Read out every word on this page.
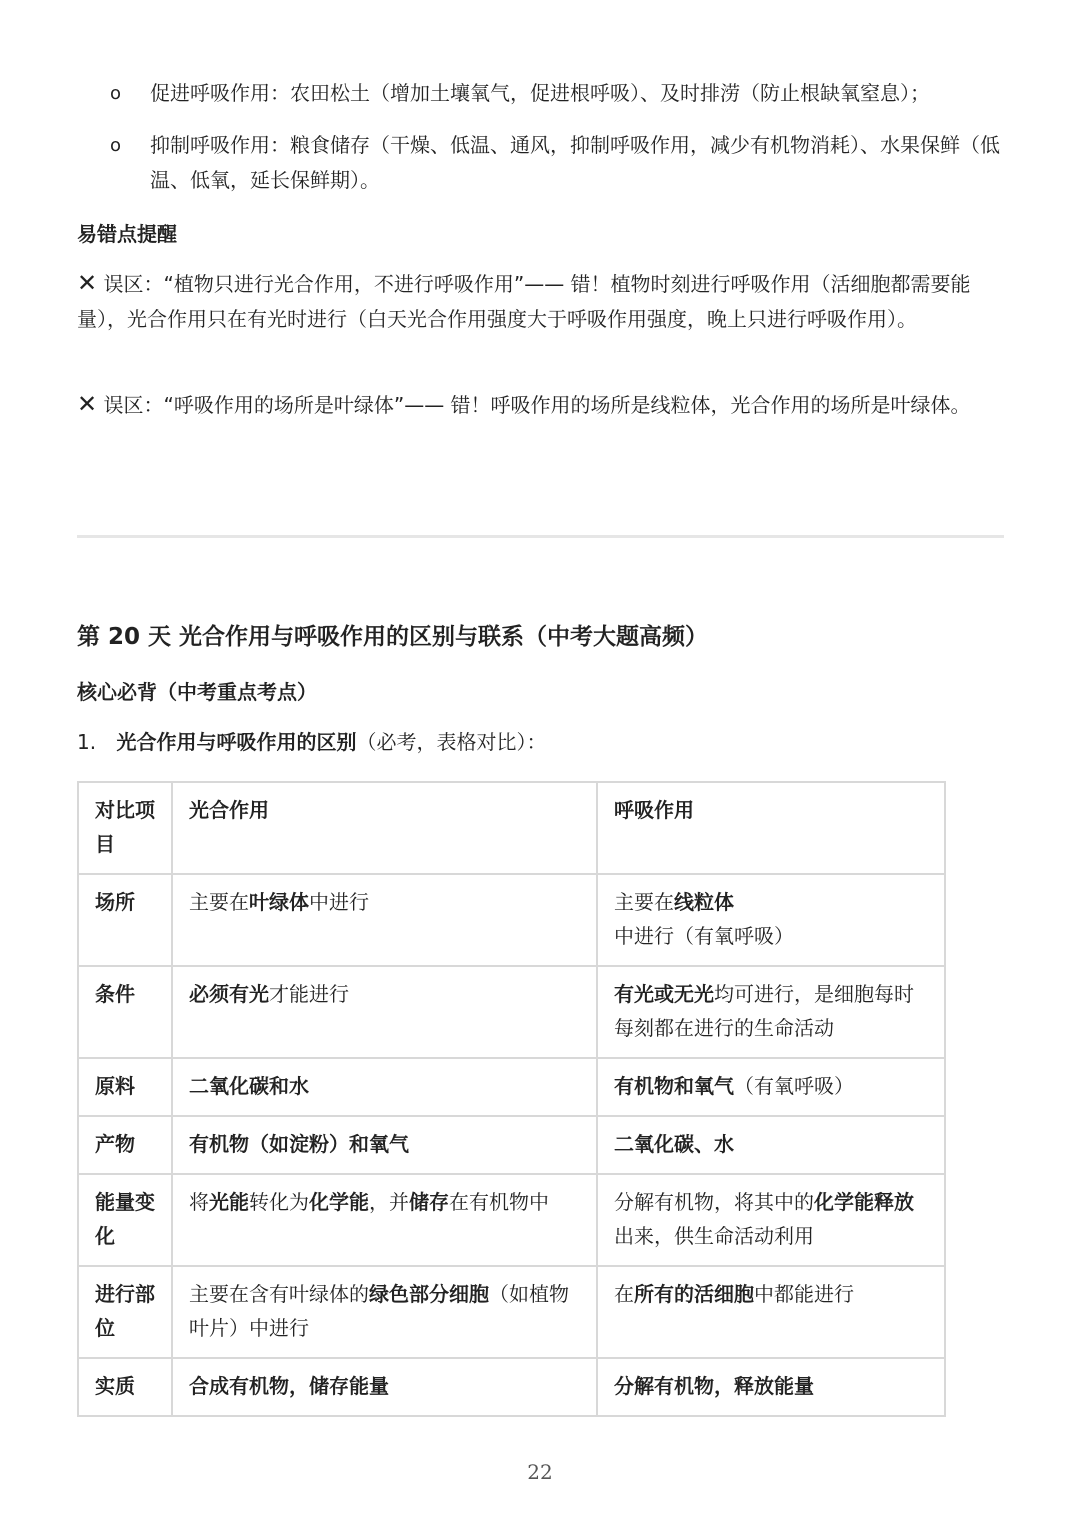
o 促进呼吸作用：农田松土（增加土壤氧气，促进根呼吸）、及时排涝（防止根缺氧窒息）；
o 抑制呼吸作用：粮食储存（干燥、低温、通风，抑制呼吸作用，减少有机物消耗）、水果保鲜（低温、低氧，延长保鲜期）。
易错点提醒
✕ 误区：“植物只进行光合作用，不进行呼吸作用”—— 错！植物时刻进行呼吸作用（活细胞都需要能量），光合作用只在有光时进行（白天光合作用强度大于呼吸作用强度，晚上只进行呼吸作用）。
✕ 误区：“呼吸作用的场所是叶绿体”—— 错！呼吸作用的场所是线粒体，光合作用的场所是叶绿体。
第 20 天 光合作用与呼吸作用的区别与联系（中考大题高频）
核心必背（中考重点考点）
1. 光合作用与呼吸作用的区别（必考，表格对比）：
对比项目	光合作用	呼吸作用
场所	主要在叶绿体中进行	主要在线粒体
中进行（有氧呼吸）
条件	必须有光才能进行	有光或无光均可进行，是细胞每时每刻都在进行的生命活动
原料	二氧化碳和水	有机物和氧气（有氧呼吸）
产物	有机物（如淀粉）和氧气	二氧化碳、水
能量变化	将光能转化为化学能，并储存在有机物中	分解有机物，将其中的化学能释放出来，供生命活动利用
进行部位	主要在含有叶绿体的绿色部分细胞（如植物叶片）中进行	在所有的活细胞中都能进行
实质	合成有机物，储存能量	分解有机物，释放能量
22
